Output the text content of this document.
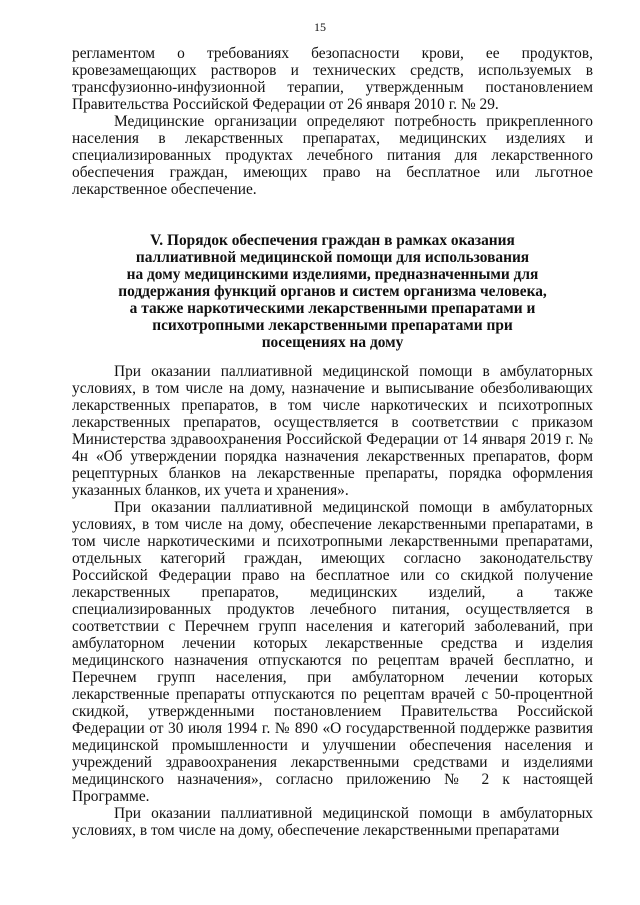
15

регламентом о требованиях безопасности крови, ее продуктов, кровезамещающих растворов и технических средств, используемых в трансфузионно-инфузионной терапии, утвержденным постановлением Правительства Российской Федерации от 26 января 2010 г. № 29.

Медицинские организации определяют потребность прикрепленного населения в лекарственных препаратах, медицинских изделиях и специализированных продуктах лечебного питания для лекарственного обеспечения граждан, имеющих право на бесплатное или льготное лекарственное обеспечение.

V. Порядок обеспечения граждан в рамках оказания
паллиативной медицинской помощи для использования
на дому медицинскими изделиями, предназначенными для
поддержания функций органов и систем организма человека,
а также наркотическими лекарственными препаратами и
психотропными лекарственными препаратами при
посещениях на дому

При оказании паллиативной медицинской помощи в амбулаторных условиях, в том числе на дому, назначение и выписывание обезболивающих лекарственных препаратов, в том числе наркотических и психотропных лекарственных препаратов, осуществляется в соответствии с приказом Министерства здравоохранения Российской Федерации от 14 января 2019 г. № 4н «Об утверждении порядка назначения лекарственных препаратов, форм рецептурных бланков на лекарственные препараты, порядка оформления указанных бланков, их учета и хранения».

При оказании паллиативной медицинской помощи в амбулаторных условиях, в том числе на дому, обеспечение лекарственными препаратами, в том числе наркотическими и психотропными лекарственными препаратами, отдельных категорий граждан, имеющих согласно законодательству Российской Федерации право на бесплатное или со скидкой получение лекарственных препаратов, медицинских изделий, а также специализированных продуктов лечебного питания, осуществляется в соответствии с Перечнем групп населения и категорий заболеваний, при амбулаторном лечении которых лекарственные средства и изделия медицинского назначения отпускаются по рецептам врачей бесплатно, и Перечнем групп населения, при амбулаторном лечении которых лекарственные препараты отпускаются по рецептам врачей с 50-процентной скидкой, утвержденными постановлением Правительства Российской Федерации от 30 июля 1994 г. № 890 «О государственной поддержке развития медицинской промышленности и улучшении обеспечения населения и учреждений здравоохранения лекарственными средствами и изделиями медицинского назначения», согласно приложению № 2 к настоящей Программе.

При оказании паллиативной медицинской помощи в амбулаторных условиях, в том числе на дому, обеспечение лекарственными препаратами
